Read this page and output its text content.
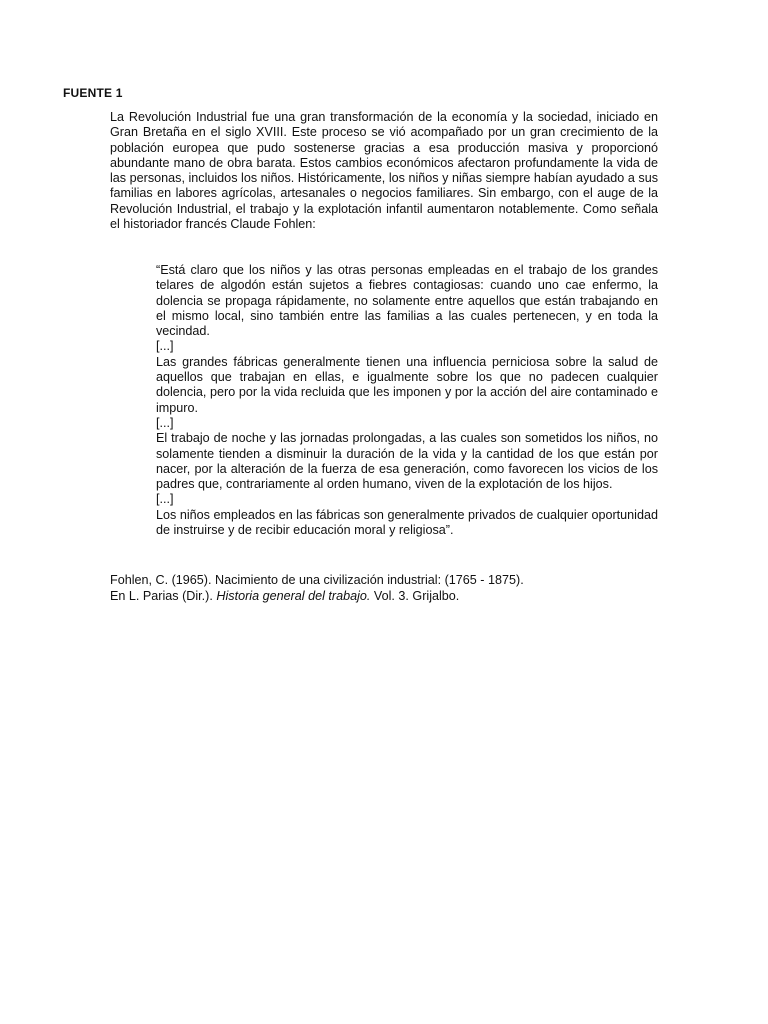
FUENTE 1

La Revolución Industrial fue una gran transformación de la economía y la sociedad, iniciado en Gran Bretaña en el siglo XVIII. Este proceso se vió acompañado por un gran crecimiento de la población europea que pudo sostenerse gracias a esa producción masiva y proporcionó abundante mano de obra barata. Estos cambios económicos afectaron profundamente la vida de las personas, incluidos los niños. Históricamente, los niños y niñas siempre habían ayudado a sus familias en labores agrícolas, artesanales o negocios familiares. Sin embargo, con el auge de la Revolución Industrial, el trabajo y la explotación infantil aumentaron notablemente. Como señala el historiador francés Claude Fohlen:

“Está claro que los niños y las otras personas empleadas en el trabajo de los grandes telares de algodón están sujetos a fiebres contagiosas: cuando uno cae enfermo, la dolencia se propaga rápidamente, no solamente entre aquellos que están trabajando en el mismo local, sino también entre las familias a las cuales pertenecen, y en toda la vecindad.

[...]

Las grandes fábricas generalmente tienen una influencia perniciosa sobre la salud de aquellos que trabajan en ellas, e igualmente sobre los que no padecen cualquier dolencia, pero por la vida recluida que les imponen y por la acción del aire contaminado e impuro.

[...]

El trabajo de noche y las jornadas prolongadas, a las cuales son sometidos los niños, no solamente tienden a disminuir la duración de la vida y la cantidad de los que están por nacer, por la alteración de la fuerza de esa generación, como favorecen los vicios de los padres que, contrariamente al orden humano, viven de la explotación de los hijos.

[...]

Los niños empleados en las fábricas son generalmente privados de cualquier oportunidad de instruirse y de recibir educación moral y religiosa”.

Fohlen, C. (1965). Nacimiento de una civilización industrial: (1765 - 1875).
En L. Parias (Dir.). Historia general del trabajo. Vol. 3. Grijalbo.
